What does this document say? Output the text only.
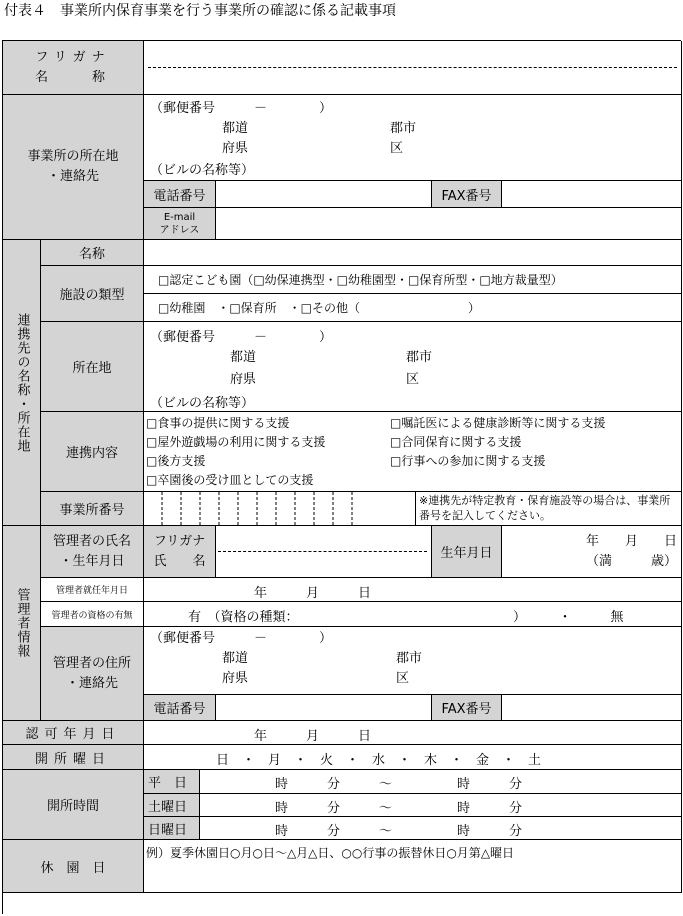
付表４　事業所内保育事業を行う事業所の確認に係る記載事項
フリガナ
名　　称
事業所の所在地
・連絡先
（郵便番号　　　－　　　　）
都道
府県
郡市
区
（ビルの名称等）
電話番号	FAX番号
E-mail
アドレス
連携先の名称・所在地
名称
施設の類型
□認定こども園（□幼保連携型・□幼稚園型・□保育所型・□地方裁量型）
□幼稚園　・□保育所　・□その他（　　　　　　　　　）
所在地
（郵便番号　　　－　　　　）
都道
府県
郡市
区
（ビルの名称等）
連携内容
□食事の提供に関する支援	□嘱託医による健康診断等に関する支援
□屋外遊戯場の利用に関する支援	□合同保育に関する支援
□後方支援	□行事への参加に関する支援
□卒園後の受け皿としての支援
事業所番号
※連携先が特定教育・保育施設等の場合は、事業所番号を記入してください。
管理者情報
管理者の氏名
・生年月日
フリガナ
氏　　名	生年月日
年　　月　　日
（満　　　歳）
管理者就任年月日	年　　　月　　　日
管理者の資格の有無	有　（資格の種類：　　　　　　　　　　　　　　　　　）　　　・　　　無
管理者の住所
・連絡先
（郵便番号　　　－　　　　）
都道
府県
郡市
区
電話番号	FAX番号
認可年月日	年　　　月　　　日
開所曜日	日　・　月　・　火　・　水　・　木　・　金　・　土
開所時間
平　日	時　　　分　　　～　　　　　時　　　分
土曜日	時　　　分　　　～　　　　　時　　　分
日曜日	時　　　分　　　～　　　　　時　　　分
休　園　日
例）夏季休園日○月○日～△月△日、○○行事の振替休日○月第△曜日
